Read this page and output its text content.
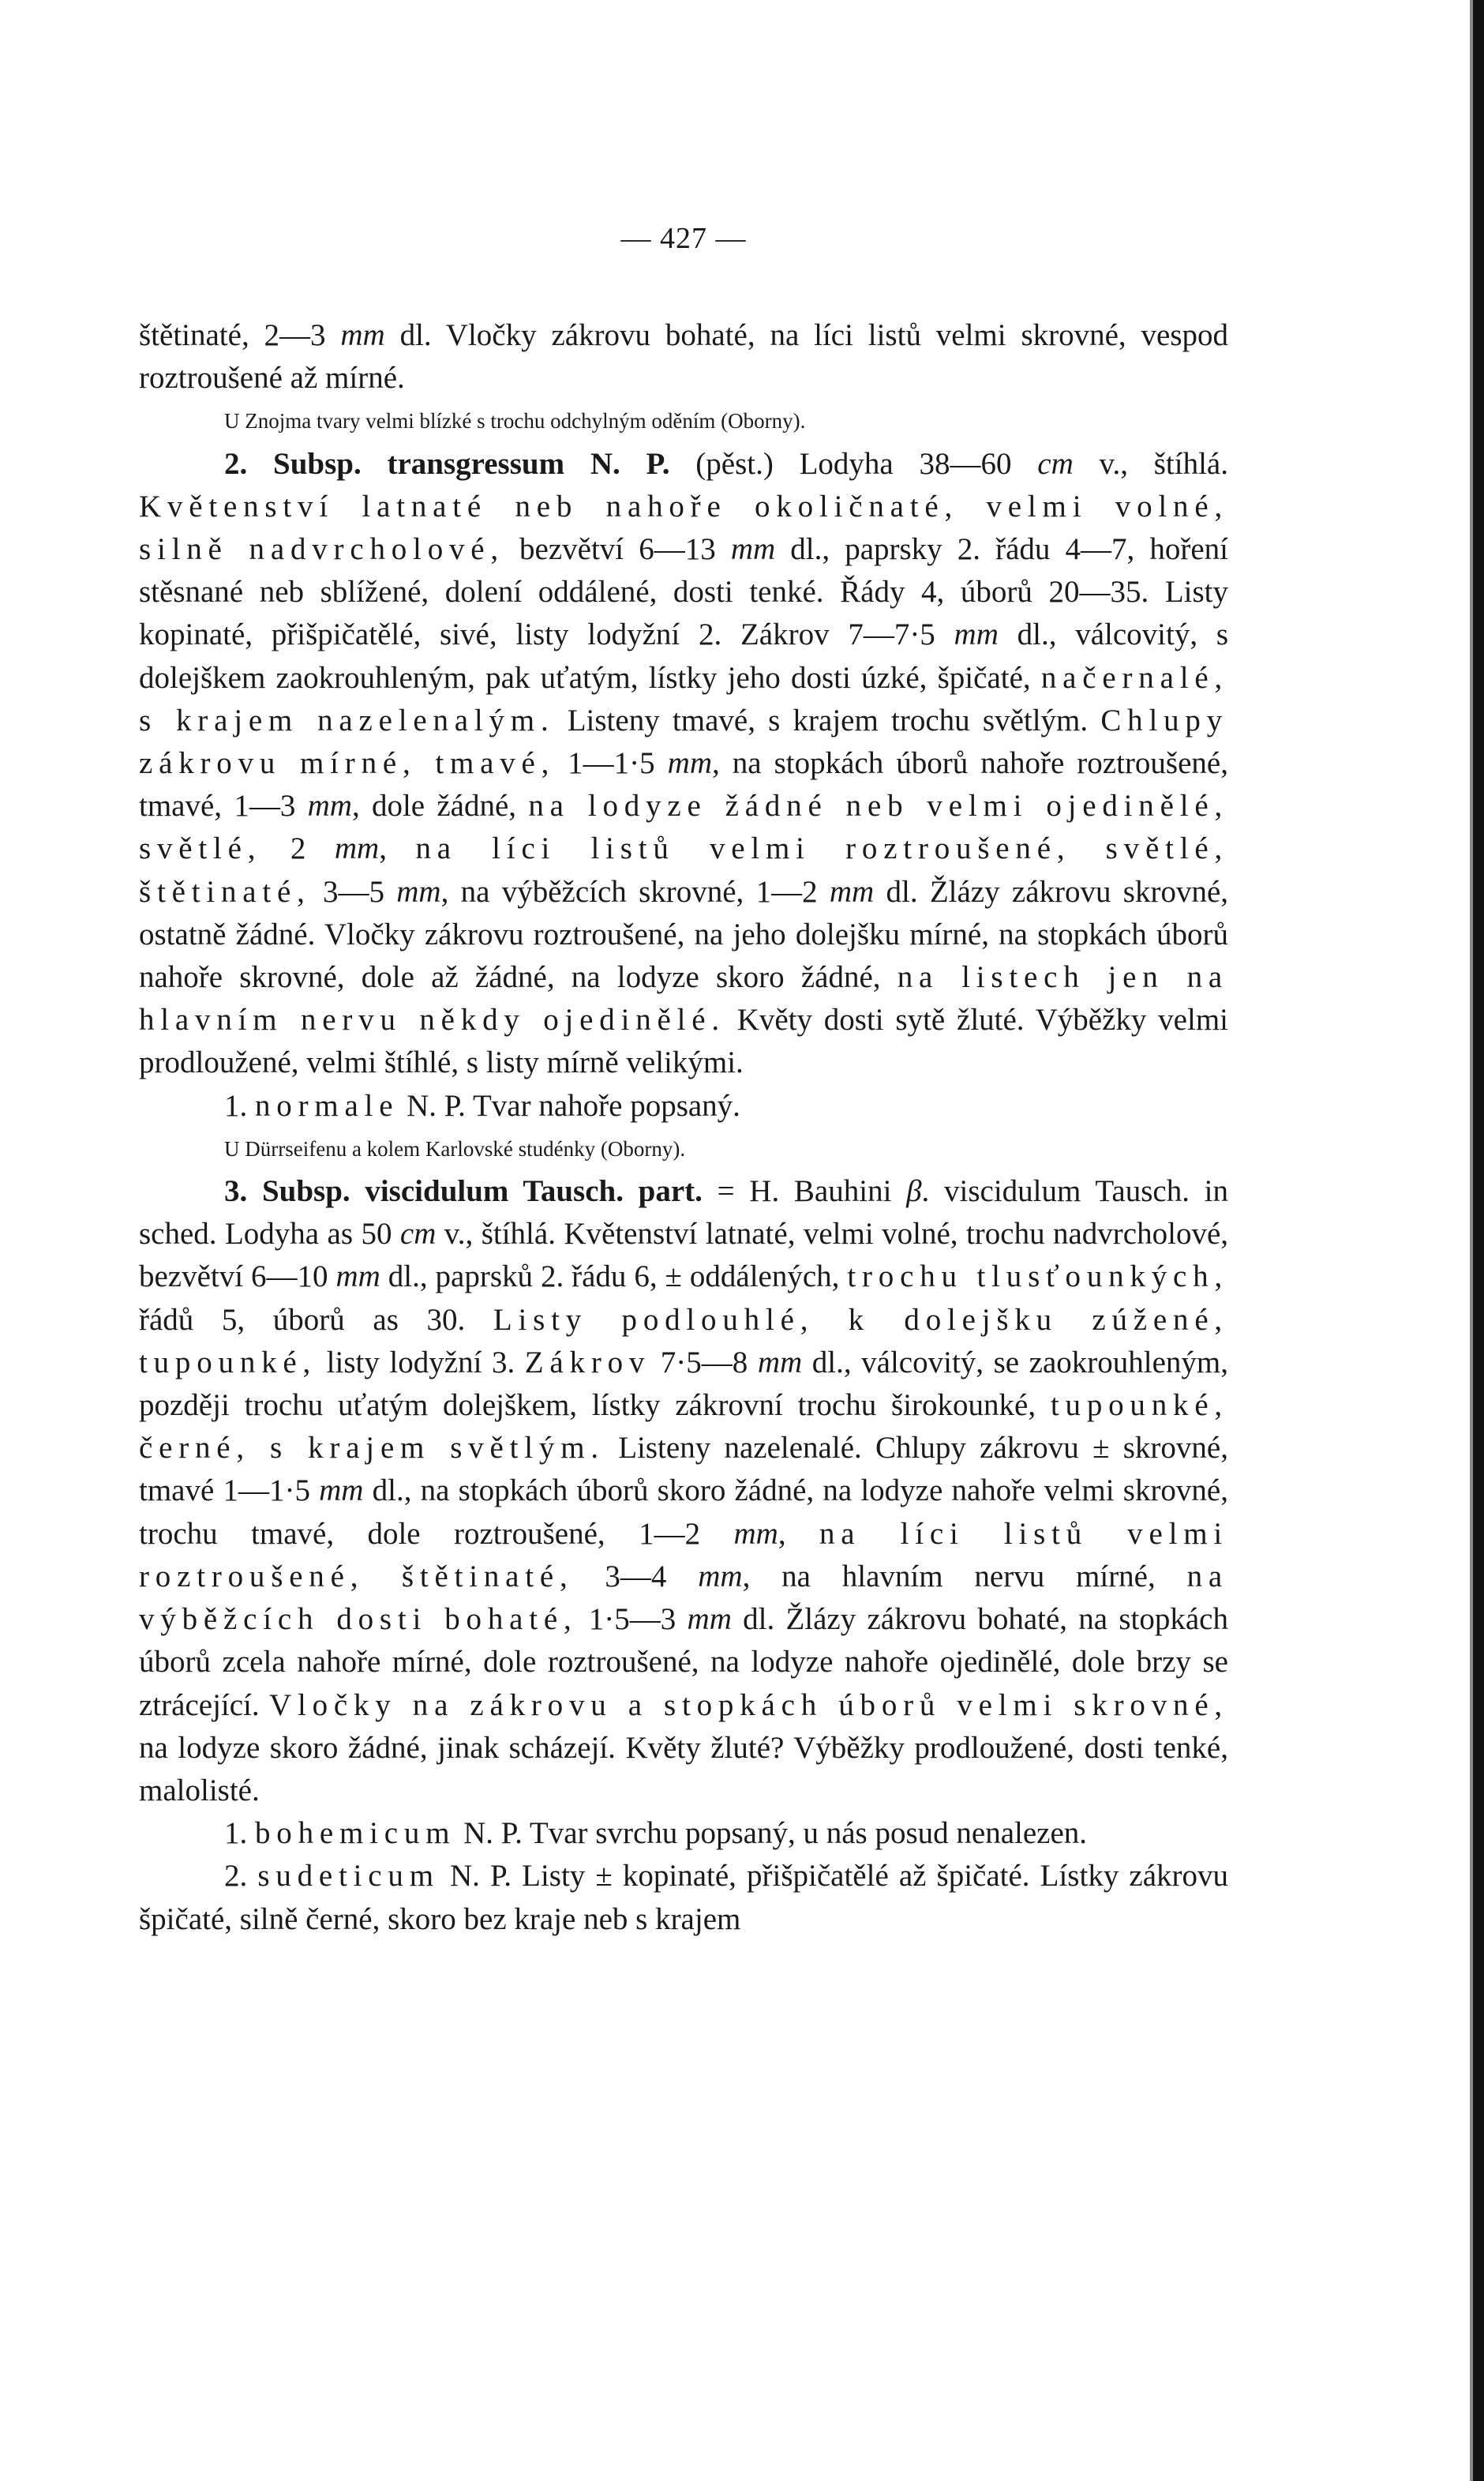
— 427 —

štětinaté, 2—3 mm dl. Vločky zákrovu bohaté, na líci listů velmi skrovné, vespod roztroušené až mírné.

U Znojma tvary velmi blízké s trochu odchylným oděním (Oborny).

2. Subsp. transgressum N. P. (pěst.) Lodyha 38—60 cm v., štíhlá. Květenství latnaté neb nahoře okoličnaté, velmi volné, silně nadvrcholové, bezvětví 6—13 mm dl., paprsky 2. řádu 4—7, hoření stěsnané neb sblížené, dolení oddálené, dosti tenké. Řády 4, úborů 20—35. Listy kopinaté, přišpičatělé, sivé, listy lodyžní 2. Zákrov 7—7·5 mm dl., válcovitý, s dolejškem zaokrouhleným, pak uťatým, lístky jeho dosti úzké, špičaté, načernalé, s krajem nazelenalým. Listeny tmavé, s krajem trochu světlým. Chlupy zákrovu mírné, tmavé, 1—1·5 mm, na stopkách úborů nahoře roztroušené, tmavé, 1—3 mm, dole žádné, na lodyze žádné neb velmi ojedinělé, světlé, 2 mm, na líci listů velmi roztroušené, světlé, štětinaté, 3—5 mm, na výběžcích skrovné, 1—2 mm dl. Žlázy zákrovu skrovné, ostatně žádné. Vločky zákrovu roztroušené, na jeho dolejšku mírné, na stopkách úborů nahoře skrovné, dole až žádné, na lodyze skoro žádné, na listech jen na hlavním nervu někdy ojedinělé. Květy dosti sytě žluté. Výběžky velmi prodloužené, velmi štíhlé, s listy mírně velikými.

1. normale N. P. Tvar nahoře popsaný.

U Dürrseifenu a kolem Karlovské studénky (Oborny).

3. Subsp. viscidulum Tausch. part. = H. Bauhini β. viscidulum Tausch. in sched. Lodyha as 50 cm v., štíhlá. Květenství latnaté, velmi volné, trochu nadvrcholové, bezvětví 6—10 mm dl., paprsků 2. řádu 6, ± oddálených, trochu tlusťounkých, řádů 5, úborů as 30. Listy podlouhlé, k dolejšku zúžené, tupounké, listy lodyžní 3. Zákrov 7·5—8 mm dl., válcovitý, se zaokrouhleným, později trochu uťatým dolejškem, lístky zákrovní trochu širokounké, tupounké, černé, s krajem světlým. Listeny nazelenalé. Chlupy zákrovu ± skrovné, tmavé 1—1·5 mm dl., na stopkách úborů skoro žádné, na lodyze nahoře velmi skrovné, trochu tmavé, dole roztroušené, 1—2 mm, na líci listů velmi roztroušené, štětinaté, 3—4 mm, na hlavním nervu mírné, na výběžcích dosti bohaté, 1·5—3 mm dl. Žlázy zákrovu bohaté, na stopkách úborů zcela nahoře mírné, dole roztroušené, na lodyze nahoře ojedinělé, dole brzy se ztrácející. Vločky na zákrovu a stopkách úborů velmi skrovné, na lodyze skoro žádné, jinak scházejí. Květy žluté? Výběžky prodloužené, dosti tenké, malolisté.

1. bohemicum N. P. Tvar svrchu popsaný, u nás posud nenalezen.

2. sudeticum N. P. Listy ± kopinaté, přišpičatělé až špičaté. Lístky zákrovu špičaté, silně černé, skoro bez kraje neb s krajem
